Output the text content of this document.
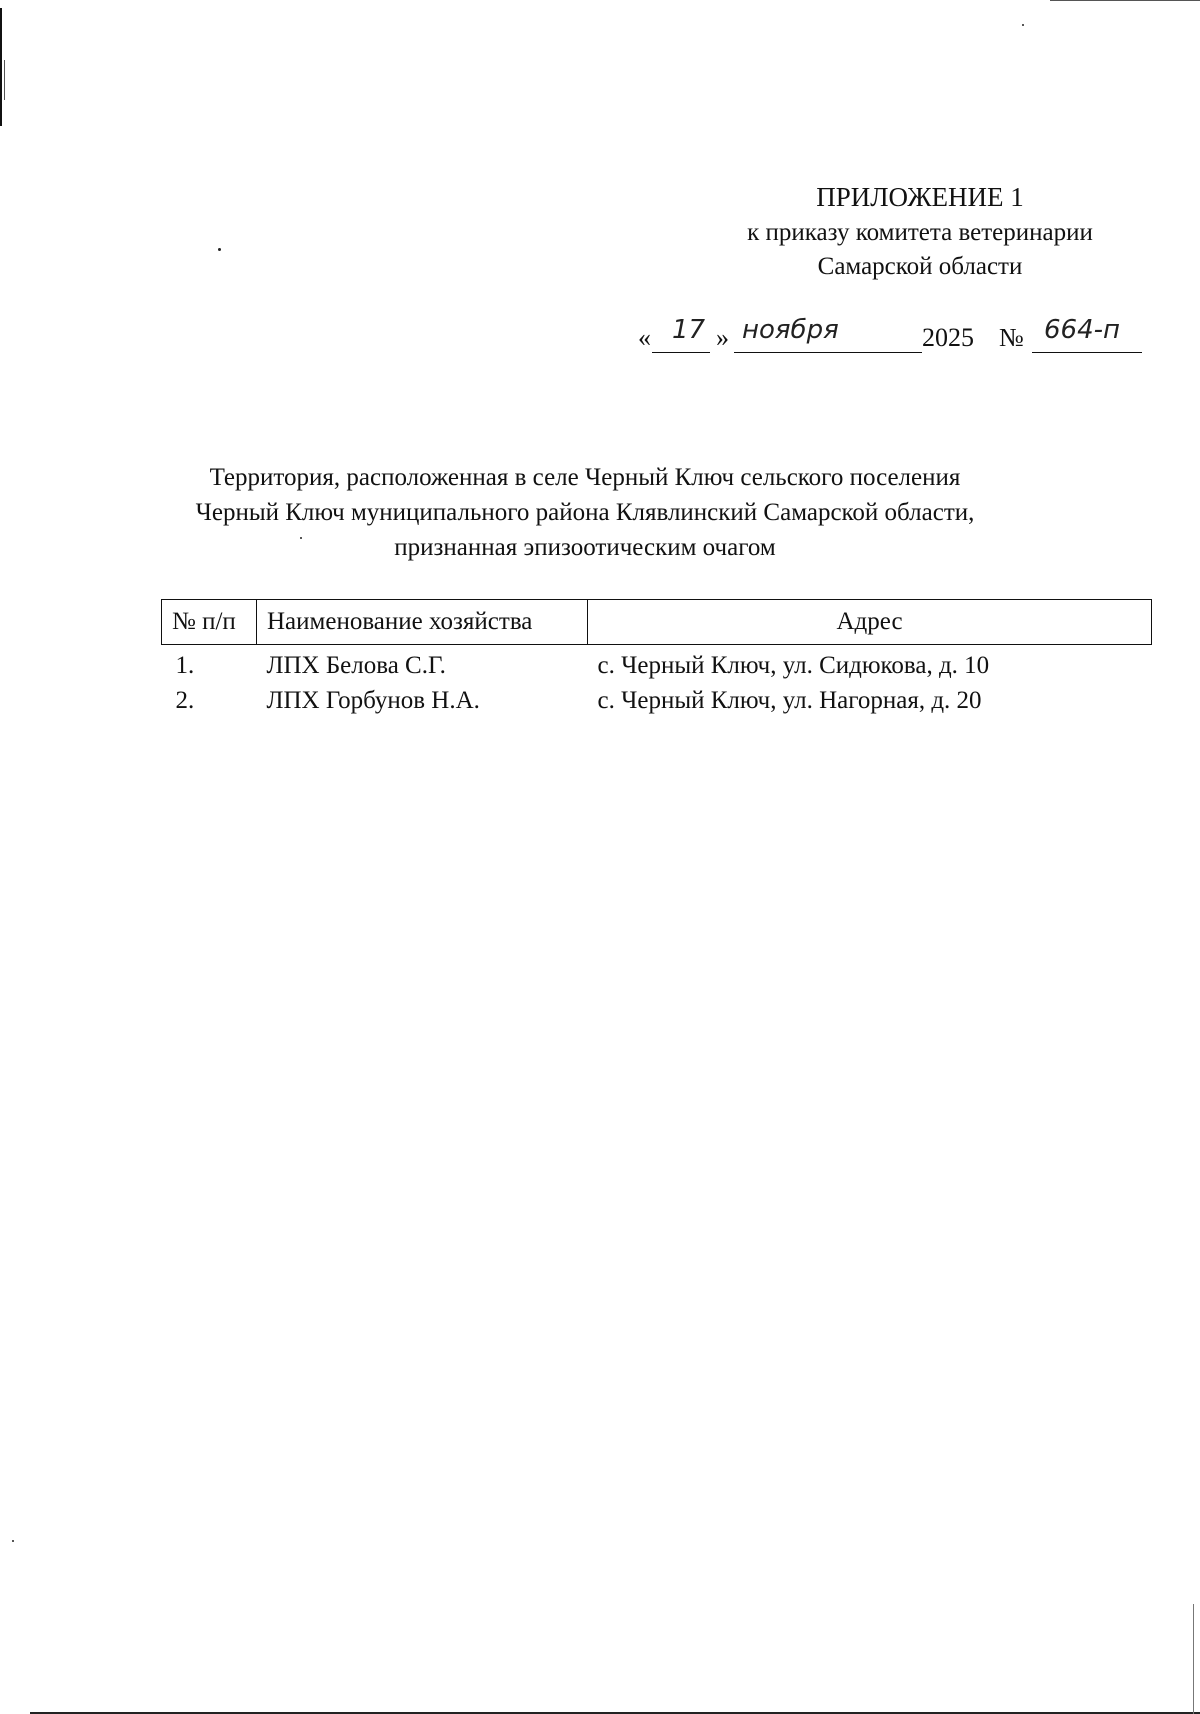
ПРИЛОЖЕНИЕ 1
к приказу комитета ветеринарии
Самарской области
« 17 » ноября	2025 № 664-п
Территория, расположенная в селе Черный Ключ сельского поселения
Черный Ключ муниципального района Клявлинский Самарской области,
признанная эпизоотическим очагом
№ п/п	Наименование хозяйства	Адрес
1.	ЛПХ Белова С.Г.	с. Черный Ключ, ул. Сидюкова, д. 10
2.	ЛПХ Горбунов Н.А.	с. Черный Ключ, ул. Нагорная, д. 20
